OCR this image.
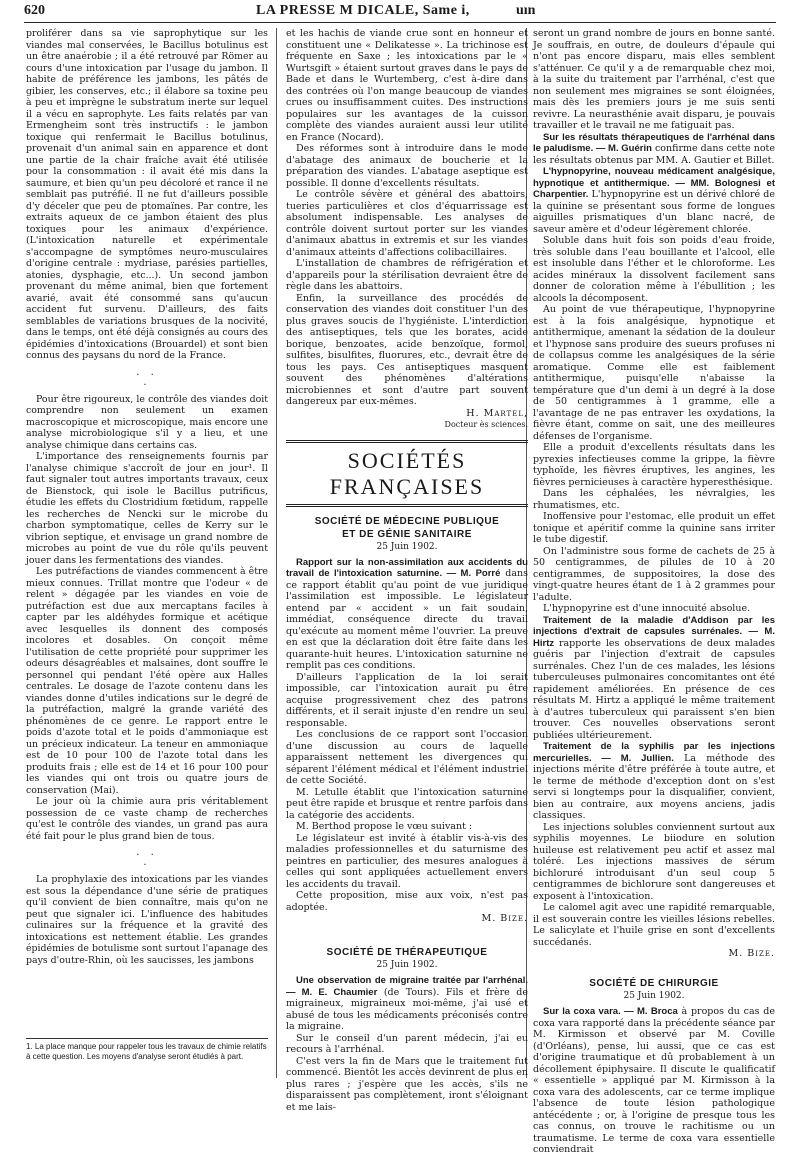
620	LA PRESSE M DICALE, Same i,	uın

proliférer dans sa vie saprophytique sur les viandes mal conservées, le Bacillus botulinus est un être anaérobie ; il a été retrouvé par Römer au cours d'une intoxication par l'usage du jambon. Il habite de préférence les jambons, les pâtés de gibier, les conserves, etc.; il élabore sa toxine peu à peu et imprègne le substratum inerte sur lequel il a vécu en saprophyte. Les faits relatés par van Ermengheim sont très instructifs : le jambon toxique qui renfermait le Bacillus botulinus, provenait d'un animal sain en apparence et dont une partie de la chair fraîche avait été utilisée pour la consommation : il avait été mis dans la saumure, et bien qu'un peu décoloré et rance il ne semblait pas putréfié. Il ne fut d'ailleurs possible d'y déceler que peu de ptomaïnes. Par contre, les extraits aqueux de ce jambon étaient des plus toxiques pour les animaux d'expérience. (L'intoxication naturelle et expérimentale s'accompagne de symptômes neuro-musculaires d'origine centrale : mydriase, parésies partielles, atonies, dysphagie, etc...). Un second jambon provenant du même animal, bien que fortement avarié, avait été consommé sans qu'aucun accident fut survenu. D'ailleurs, des faits semblables de variations brusques de la nocivité, dans le temps, ont été déjà consignés au cours des épidémies d'intoxications (Brouardel) et sont bien connus des paysans du nord de la France.

. .
.

Pour être rigoureux, le contrôle des viandes doit comprendre non seulement un examen macroscopique et microscopique, mais encore une analyse microbiologique s'il y a lieu, et une analyse chimique dans certains cas.

L'importance des renseignements fournis par l'analyse chimique s'accroît de jour en jour¹. Il faut signaler tout autres importants travaux, ceux de Bienstock, qui isole le Bacillus putrificus, étudie les effets du Clostridium fœtidum, rappelle les recherches de Nencki sur le microbe du charbon symptomatique, celles de Kerry sur le vibrion septique, et envisage un grand nombre de microbes au point de vue du rôle qu'ils peuvent jouer dans les fermentations des viandes.

Les putréfactions de viandes commencent à être mieux connues. Trillat montre que l'odeur « de relent » dégagée par les viandes en voie de putréfaction est due aux mercaptans faciles à capter par les aldéhydes formique et acétique avec lesquelles ils donnent des composés incolores et dosables. On conçoit même l'utilisation de cette propriété pour supprimer les odeurs désagréables et malsaines, dont souffre le personnel qui pendant l'été opère aux Halles centrales. Le dosage de l'azote contenu dans les viandes donne d'utiles indications sur le degré de la putréfaction, malgré la grande variété des phénomènes de ce genre. Le rapport entre le poids d'azote total et le poids d'ammoniaque est un précieux indicateur. La teneur en ammoniaque est de 10 pour 100 de l'azote total dans les produits frais ; elle est de 14 et 16 pour 100 pour les viandes qui ont trois ou quatre jours de conservation (Mai).

Le jour où la chimie aura pris véritablement possession de ce vaste champ de recherches qu'est le contrôle des viandes, un grand pas aura été fait pour le plus grand bien de tous.

. .
.

La prophylaxie des intoxications par les viandes est sous la dépendance d'une série de pratiques qu'il convient de bien connaître, mais qu'on ne peut que signaler ici. L'influence des habitudes culinaires sur la fréquence et la gravité des intoxications est nettement établie. Les grandes épidémies de botulisme sont surtout l'apanage des pays d'outre-Rhin, où les saucisses, les jambons

1. La place manque pour rappeler tous les travaux de chimie relatifs à cette question. Les moyens d'analyse seront étudiés à part.

et les hachis de viande crue sont en honneur et constituent une « Delikatesse ». La trichinose est fréquente en Saxe ; les intoxications par le « Wurtsgift » étaient surtout graves dans le pays de Bade et dans le Wurtemberg, c'est à-dire dans des contrées où l'on mange beaucoup de viandes crues ou insuffisamment cuites. Des instructions populaires sur les avantages de la cuisson complète des viandes auraient aussi leur utilité en France (Nocard).

Des réformes sont à introduire dans le mode d'abatage des animaux de boucherie et la préparation des viandes. L'abatage aseptique est possible. Il donne d'excellents résultats.

Le contrôle sévère et général des abattoirs, tueries particulières et clos d'équarrissage est absolument indispensable. Les analyses de contrôle doivent surtout porter sur les viandes d'animaux abattus in extremis et sur les viandes d'animaux atteints d'affections colibacillaires.

L'installation de chambres de réfrigération et d'appareils pour la stérilisation devraient être de règle dans les abattoirs.

Enfin, la surveillance des procédés de conservation des viandes doit constituer l'un des plus graves soucis de l'hygiéniste. L'interdiction des antiseptiques, tels que les borates, acide borique, benzoates, acide benzoïque, formol, sulfites, bisulfites, fluorures, etc., devrait être de tous les pays. Ces antiseptiques masquent souvent des phénomènes d'altérations microbiennes et sont d'autre part souvent dangereux par eux-mêmes.

H. Martel,
Docteur ès sciences.
SOCIÉTÉS FRANÇAISES
SOCIÉTÉ DE MÉDECINE PUBLIQUE
ET DE GÉNIE SANITAIRE
25 Juin 1902.

Rapport sur la non-assimilation aux accidents du travail de l'intoxication saturnine. — M. Porré dans ce rapport établit qu'au point de vue juridique l'assimilation est impossible. Le législateur entend par « accident » un fait soudain, immédiat, conséquence directe du travail qu'exécute au moment même l'ouvrier. La preuve en est que la déclaration doit être faite dans les quarante-huit heures. L'intoxication saturnine ne remplit pas ces conditions.

D'ailleurs l'application de la loi serait impossible, car l'intoxication aurait pu être acquise progressivement chez des patrons différents, et il serait injuste d'en rendre un seul responsable.

Les conclusions de ce rapport sont l'occasion d'une discussion au cours de laquelle apparaissent nettement les divergences qui séparent l'élément médical et l'élément industriel de cette Société.

M. Letulle établit que l'intoxication saturnine peut être rapide et brusque et rentre parfois dans la catégorie des accidents.

M. Berthod propose le vœu suivant :

Le législateur est invité à établir vis-à-vis des maladies professionnelles et du saturnisme des peintres en particulier, des mesures analogues à celles qui sont appliquées actuellement envers les accidents du travail.

Cette proposition, mise aux voix, n'est pas adoptée.

M. Bize.
SOCIÉTÉ DE THÉRAPEUTIQUE
25 Juin 1902.

Une observation de migraine traitée par l'arrhénal. — M. E. Chaumier (de Tours). Fils et frère de migraineux, migraineux moi-même, j'ai usé et abusé de tous les médicaments préconisés contre la migraine.

Sur le conseil d'un parent médecin, j'ai eu recours à l'arrhénal.

C'est vers la fin de Mars que le traitement fut commencé. Bientôt les accès devinrent de plus en plus rares ; j'espère que les accès, s'ils ne disparaissent pas complètement, iront s'éloignant et me lais-

seront un grand nombre de jours en bonne santé. Je souffrais, en outre, de douleurs d'épaule qui n'ont pas encore disparu, mais elles semblent s'atténuer. Ce qu'il y a de remarquable chez moi, à la suite du traitement par l'arrhénal, c'est que non seulement mes migraines se sont éloignées, mais dès les premiers jours je me suis senti revivre. La neurasthénie avait disparu, je pouvais travailler et le travail ne me fatiguait pas.

Sur les résultats thérapeutiques de l'arrhénal dans le paludisme. — M. Guérin confirme dans cette note les résultats obtenus par MM. A. Gautier et Billet.

L'hypnopyrine, nouveau médicament analgésique, hypnotique et antithermique. — MM. Bolognesi et Charpentier. L'hypnopyrine est un dérivé chloré de la quinine se présentant sous forme de longues aiguilles prismatiques d'un blanc nacré, de saveur amère et d'odeur légèrement chlorée.

Soluble dans huit fois son poids d'eau froide, très soluble dans l'eau bouillante et l'alcool, elle est insoluble dans l'éther et le chloroforme. Les acides minéraux la dissolvent facilement sans donner de coloration même à l'ébullition ; les alcools la décomposent.

Au point de vue thérapeutique, l'hypnopyrine est à la fois analgésique, hypnotique et antithermique, amenant la sédation de la douleur et l'hypnose sans produire des sueurs profuses ni de collapsus comme les analgésiques de la série aromatique. Comme elle est faiblement antithermique, puisqu'elle n'abaisse la température que d'un demi à un degré à la dose de 50 centigrammes à 1 gramme, elle a l'avantage de ne pas entraver les oxydations, la fièvre étant, comme on sait, une des meilleures défenses de l'organisme.

Elle a produit d'excellents résultats dans les pyrexies infectieuses comme la grippe, la fièvre typhoïde, les fièvres éruptives, les angines, les fièvres pernicieuses à caractère hyperesthésique.

Dans les céphalées, les névralgies, les rhumatismes, etc.

Inoffensive pour l'estomac, elle produit un effet tonique et apéritif comme la quinine sans irriter le tube digestif.

On l'administre sous forme de cachets de 25 à 50 centigrammes, de pilules de 10 à 20 centigrammes, de suppositoires, la dose des vingt-quatre heures étant de 1 à 2 grammes pour l'adulte.

L'hypnopyrine est d'une innocuité absolue.

Traitement de la maladie d'Addison par les injections d'extrait de capsules surrénales. — M. Hirtz rapporte les observations de deux malades guéris par l'injection d'extrait de capsules surrénales. Chez l'un de ces malades, les lésions tuberculeuses pulmonaires concomitantes ont été rapidement améliorées. En présence de ces résultats M. Hirtz a appliqué le même traitement à d'autres tuberculeux qui paraissent s'en bien trouver. Ces nouvelles observations seront publiées ultérieurement.

Traitement de la syphilis par les injections mercurielles. — M. Jullien. La méthode des injections mérite d'être préférée à toute autre, et le terme de méthode d'exception dont on s'est servi si longtemps pour la disqualifier, convient, bien au contraire, aux moyens anciens, jadis classiques.

Les injections solubles conviennent surtout aux syphilis moyennes. Le biiodure en solution huileuse est relativement peu actif et assez mal toléré. Les injections massives de sérum bichloruré introduisant d'un seul coup 5 centigrammes de bichlorure sont dangereuses et exposent à l'intoxication.

Le calomel agit avec une rapidité remarquable, il est souverain contre les vieilles lésions rebelles. Le salicylate et l'huile grise en sont d'excellents succédanés.

M. Bize.
SOCIÉTÉ DE CHIRURGIE
25 Juin 1902.

Sur la coxa vara. — M. Broca à propos du cas de coxa vara rapporté dans la précédente séance par M. Kirmisson et observé par M. Coville (d'Orléans), pense, lui aussi, que ce cas est d'origine traumatique et dû probablement à un décollement épiphysaire. Il discute le qualificatif « essentielle » appliqué par M. Kirmisson à la coxa vara des adolescents, car ce terme implique l'absence de toute lésion pathologique antécédente ; or, à l'origine de presque tous les cas connus, on trouve le rachitisme ou un traumatisme. Le terme de coxa vara essentielle conviendrait
